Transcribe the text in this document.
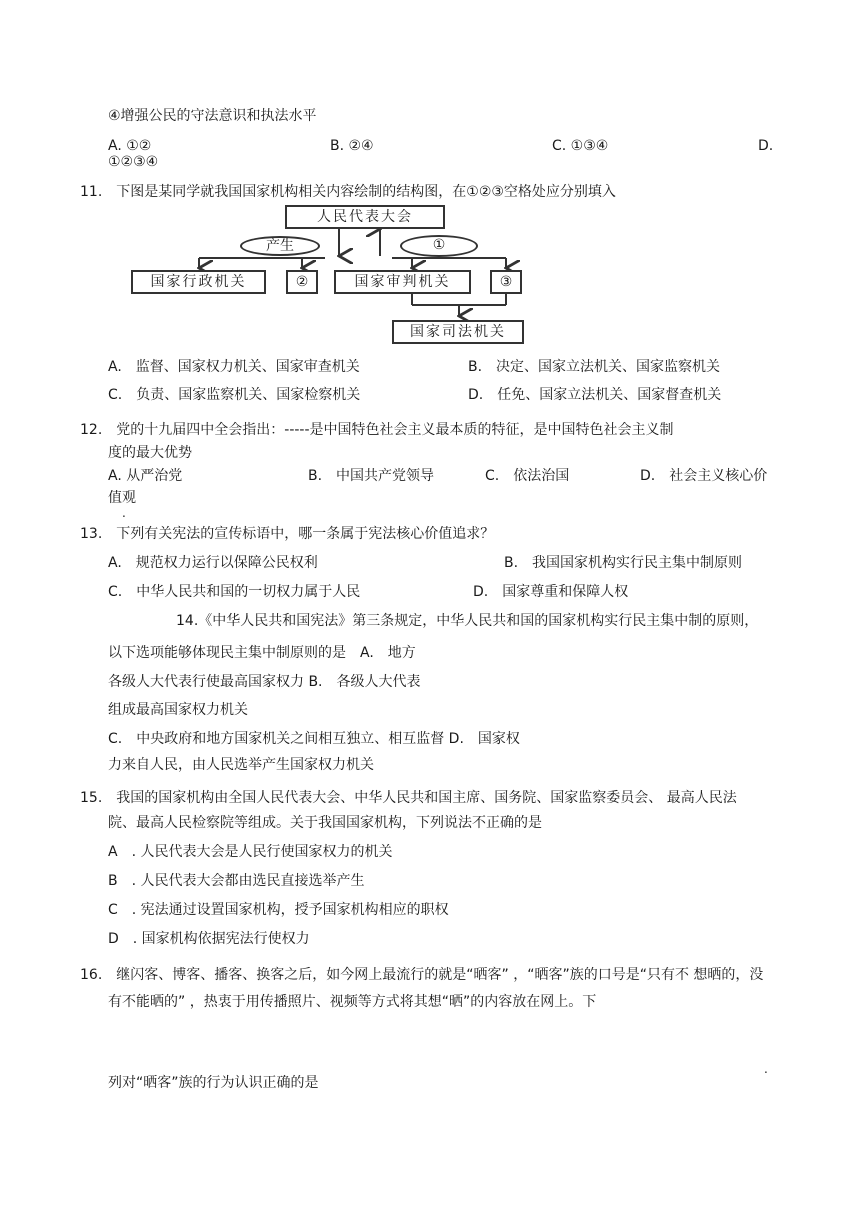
④增强公民的守法意识和执法水平
A. ①②	B. ②④	C. ①③④	D.
①②③④
11.　下图是某同学就我国国家机构相关内容绘制的结构图，在①②③空格处应分别填入
人民代表大会
产生	①
国家行政机关	②	国家审判机关	③
国家司法机关
A.　监督、国家权力机关、国家审查机关	B.　决定、国家立法机关、国家监察机关
C.　负责、国家监察机关、国家检察机关	D.　任免、国家立法机关、国家督查机关
12.　党的十九届四中全会指出：-----是中国特色社会主义最本质的特征，是中国特色社会主义制
度的最大优势
A. 从严治党	B.　中国共产党领导	C.　依法治国	D.　社会主义核心价
值观
.
13.　下列有关宪法的宣传标语中，哪一条属于宪法核心价值追求？
A.　规范权力运行以保障公民权利	B.　我国国家机构实行民主集中制原则
C.　中华人民共和国的一切权力属于人民	D.　国家尊重和保障人权
14.《中华人民共和国宪法》第三条规定，中华人民共和国的国家机构实行民主集中制的原则，
以下选项能够体现民主集中制原则的是　A.　地方
各级人大代表行使最高国家权力 B.　各级人大代表
组成最高国家权力机关
C.　中央政府和地方国家机关之间相互独立、相互监督 D.　国家权
力来自人民，由人民选举产生国家权力机关
15.　我国的国家机构由全国人民代表大会、中华人民共和国主席、国务院、国家监察委员会、 最高人民法
院、最高人民检察院等组成。关于我国国家机构，下列说法不正确的是
A　. 人民代表大会是人民行使国家权力的机关
B　. 人民代表大会都由选民直接选举产生
C　. 宪法通过设置国家机构，授予国家机构相应的职权
D　. 国家机构依据宪法行使权力
16.　继闪客、博客、播客、换客之后，如今网上最流行的就是“晒客” ，“晒客”族的口号是“只有不 想晒的，没
有不能晒的” ，热衷于用传播照片、视频等方式将其想“晒”的内容放在网上。下
.
列对“晒客”族的行为认识正确的是
